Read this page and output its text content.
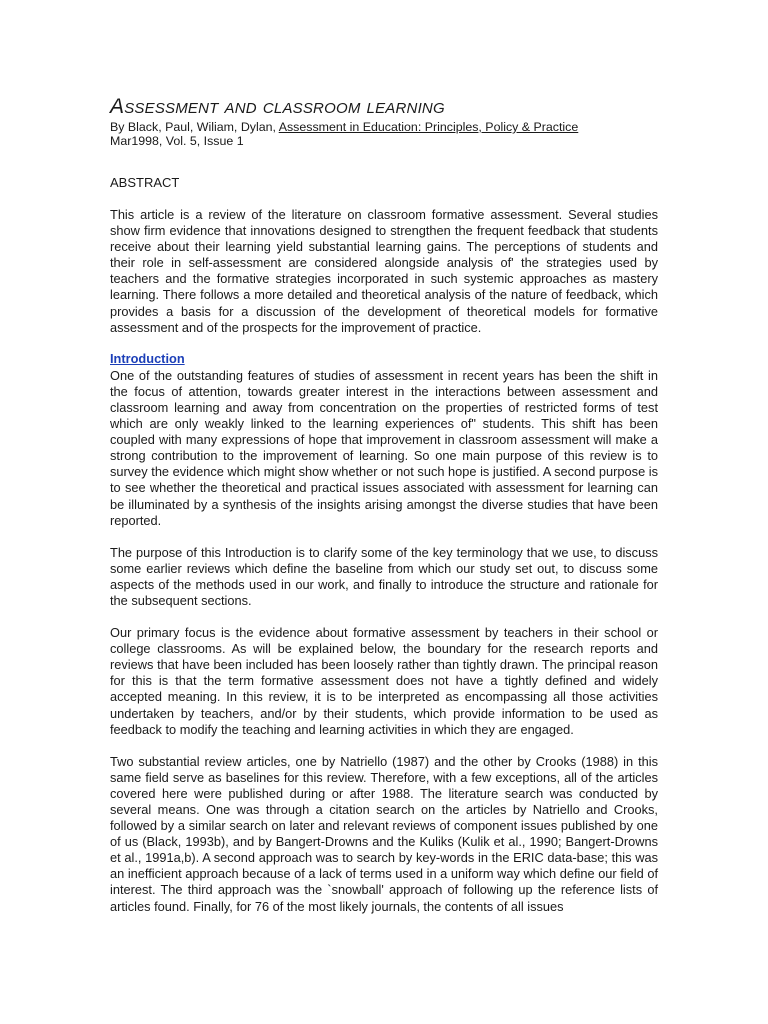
Assessment and classroom learning

By Black, Paul, Wiliam, Dylan, Assessment in Education: Principles, Policy & Practice

Mar1998, Vol. 5, Issue 1

ABSTRACT

This article is a review of the literature on classroom formative assessment. Several studies show firm evidence that innovations designed to strengthen the frequent feedback that students receive about their learning yield substantial learning gains. The perceptions of students and their role in self-assessment are considered alongside analysis of' the strategies used by teachers and the formative strategies incorporated in such systemic approaches as mastery learning. There follows a more detailed and theoretical analysis of the nature of feedback, which provides a basis for a discussion of the development of theoretical models for formative assessment and of the prospects for the improvement of practice.

Introduction

One of the outstanding features of studies of assessment in recent years has been the shift in the focus of attention, towards greater interest in the interactions between assessment and classroom learning and away from concentration on the properties of restricted forms of test which are only weakly linked to the learning experiences of" students. This shift has been coupled with many expressions of hope that improvement in classroom assessment will make a strong contribution to the improvement of learning. So one main purpose of this review is to survey the evidence which might show whether or not such hope is justified. A second purpose is to see whether the theoretical and practical issues associated with assessment for learning can be illuminated by a synthesis of the insights arising amongst the diverse studies that have been reported.

The purpose of this Introduction is to clarify some of the key terminology that we use, to discuss some earlier reviews which define the baseline from which our study set out, to discuss some aspects of the methods used in our work, and finally to introduce the structure and rationale for the subsequent sections.

Our primary focus is the evidence about formative assessment by teachers in their school or college classrooms. As will be explained below, the boundary for the research reports and reviews that have been included has been loosely rather than tightly drawn. The principal reason for this is that the term formative assessment does not have a tightly defined and widely accepted meaning. In this review, it is to be interpreted as encompassing all those activities undertaken by teachers, and/or by their students, which provide information to be used as feedback to modify the teaching and learning activities in which they are engaged.

Two substantial review articles, one by Natriello (1987) and the other by Crooks (1988) in this same field serve as baselines for this review. Therefore, with a few exceptions, all of the articles covered here were published during or after 1988. The literature search was conducted by several means. One was through a citation search on the articles by Natriello and Crooks, followed by a similar search on later and relevant reviews of component issues published by one of us (Black, 1993b), and by Bangert-Drowns and the Kuliks (Kulik et al., 1990; Bangert-Drowns et al., 1991a,b). A second approach was to search by key-words in the ERIC data-base; this was an inefficient approach because of a lack of terms used in a uniform way which define our field of interest. The third approach was the `snowball' approach of following up the reference lists of articles found. Finally, for 76 of the most likely journals, the contents of all issues
